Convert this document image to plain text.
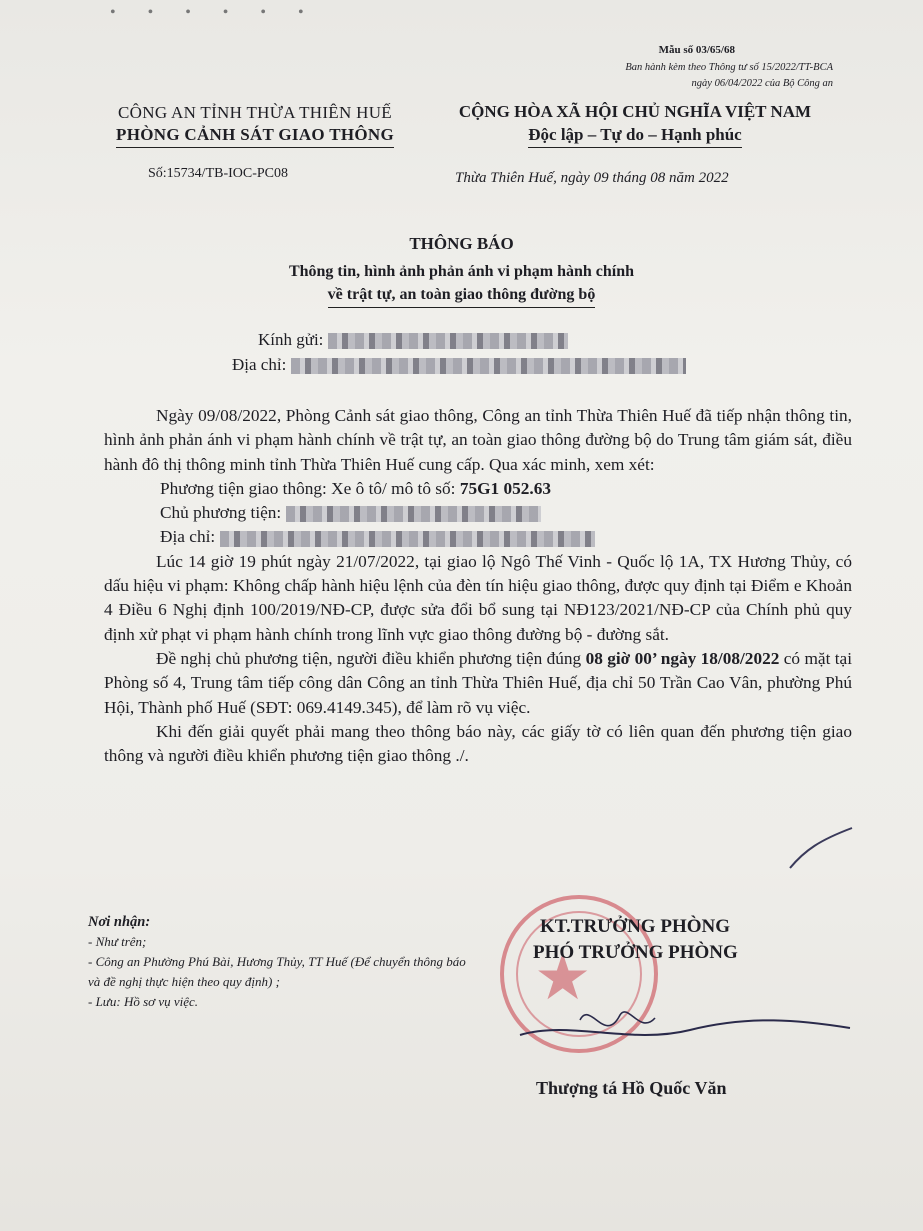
• • • • • •
Mẫu số 03/65/68
Ban hành kèm theo Thông tư số 15/2022/TT-BCA
ngày 06/04/2022 của Bộ Công an
CÔNG AN TỈNH THỪA THIÊN HUẾ
PHÒNG CẢNH SÁT GIAO THÔNG
CỘNG HÒA XÃ HỘI CHỦ NGHĨA VIỆT NAM
Độc lập – Tự do – Hạnh phúc
Số:15734/TB-IOC-PC08	Thừa Thiên Huế, ngày 09 tháng 08 năm 2022
THÔNG BÁO
Thông tin, hình ảnh phản ánh vi phạm hành chính
về trật tự, an toàn giao thông đường bộ
Kính gửi:
Địa chỉ:

Ngày 09/08/2022, Phòng Cảnh sát giao thông, Công an tỉnh Thừa Thiên Huế đã tiếp nhận thông tin, hình ảnh phản ánh vi phạm hành chính về trật tự, an toàn giao thông đường bộ do Trung tâm giám sát, điều hành đô thị thông minh tỉnh Thừa Thiên Huế cung cấp. Qua xác minh, xem xét:

Phương tiện giao thông: Xe ô tô/ mô tô số: 75G1 052.63

Chủ phương tiện:

Địa chỉ:

Lúc 14 giờ 19 phút ngày 21/07/2022, tại giao lộ Ngô Thế Vinh - Quốc lộ 1A, TX Hương Thủy, có dấu hiệu vi phạm: Không chấp hành hiệu lệnh của đèn tín hiệu giao thông, được quy định tại Điểm e Khoản 4 Điều 6 Nghị định 100/2019/NĐ-CP, được sửa đổi bổ sung tại NĐ123/2021/NĐ-CP của Chính phủ quy định xử phạt vi phạm hành chính trong lĩnh vực giao thông đường bộ - đường sắt.

Đề nghị chủ phương tiện, người điều khiển phương tiện đúng 08 giờ 00’ ngày 18/08/2022 có mặt tại Phòng số 4, Trung tâm tiếp công dân Công an tỉnh Thừa Thiên Huế, địa chỉ 50 Trần Cao Vân, phường Phú Hội, Thành phố Huế (SĐT: 069.4149.345), để làm rõ vụ việc.

Khi đến giải quyết phải mang theo thông báo này, các giấy tờ có liên quan đến phương tiện giao thông và người điều khiển phương tiện giao thông ./.

Nơi nhận:
- Như trên;
- Công an Phường Phú Bài, Hương Thủy, TT Huế (Để chuyển thông báo và đề nghị thực hiện theo quy định) ;
- Lưu: Hồ sơ vụ việc.	★
KT.TRƯỞNG PHÒNG
PHÓ TRƯỞNG PHÒNG
Thượng tá Hồ Quốc Văn
